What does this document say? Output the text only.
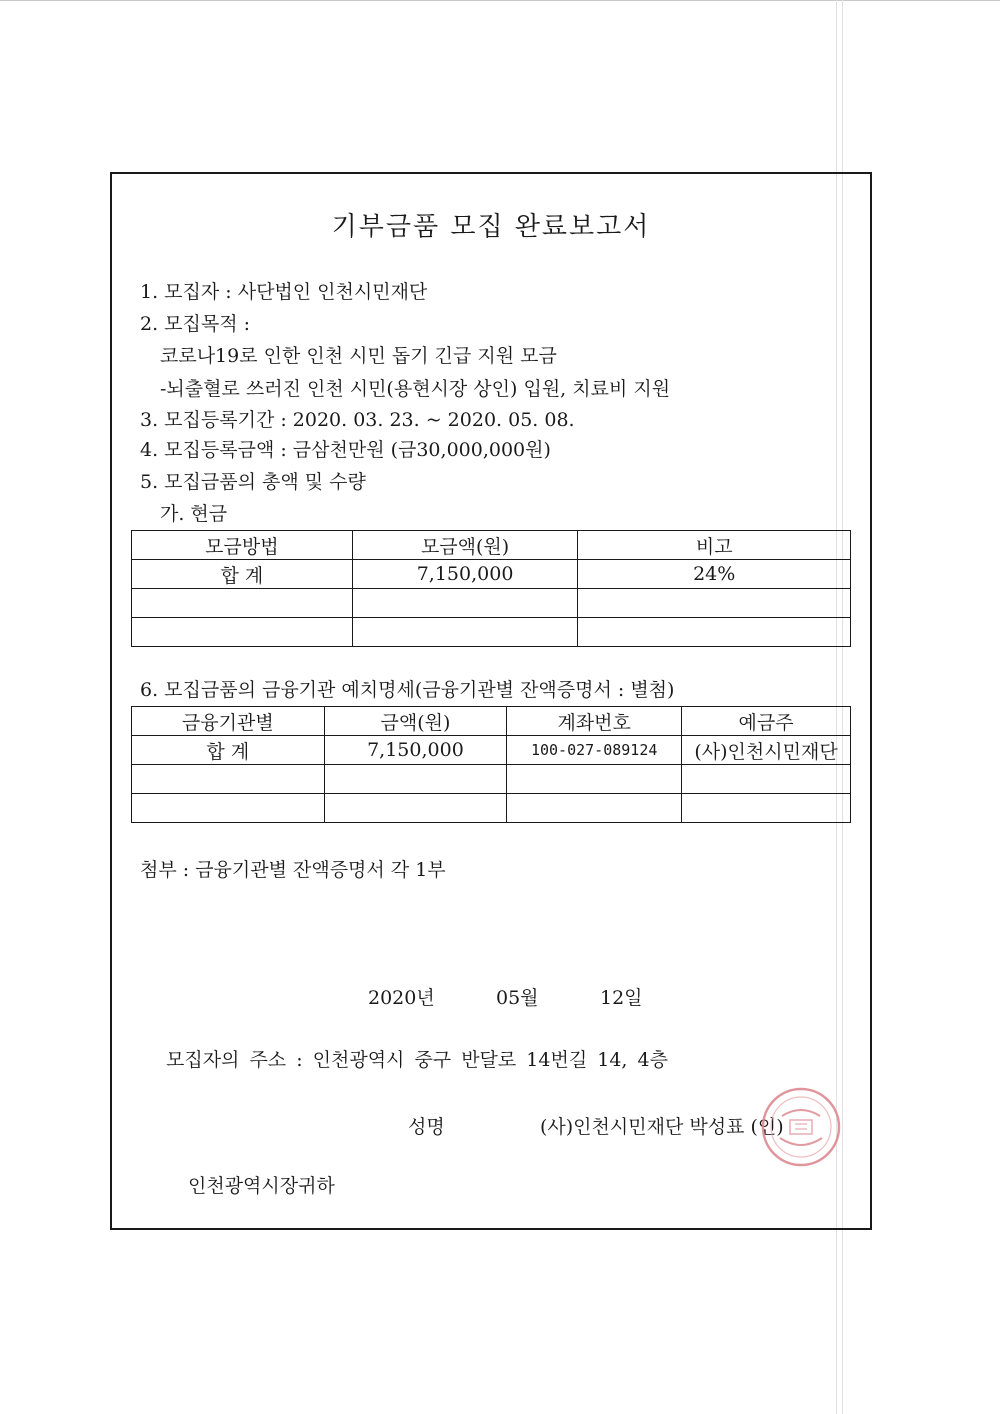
기부금품 모집 완료보고서
1. 모집자 : 사단법인 인천시민재단
2. 모집목적 :
코로나19로 인한 인천 시민 돕기 긴급 지원 모금
-뇌출혈로 쓰러진 인천 시민(용현시장 상인) 입원, 치료비 지원
3. 모집등록기간 : 2020. 03. 23. ~ 2020. 05. 08.
4. 모집등록금액 : 금삼천만원 (금30,000,000원)
5. 모집금품의 총액 및 수량
가. 현금
모금방법	모금액(원)	비고
합 계	7,150,000	24%

6. 모집금품의 금융기관 예치명세(금융기관별 잔액증명서 : 별첨)
금융기관별	금액(원)	계좌번호	예금주
합 계	7,150,000	100-027-089124	(사)인천시민재단

첨부 : 금융기관별 잔액증명서 각 1부
2020년	05월	12일
모집자의 주소 : 인천광역시 중구 반달로 14번길 14, 4층
성명	(사)인천시민재단 박성표 (인)
인천광역시장귀하
